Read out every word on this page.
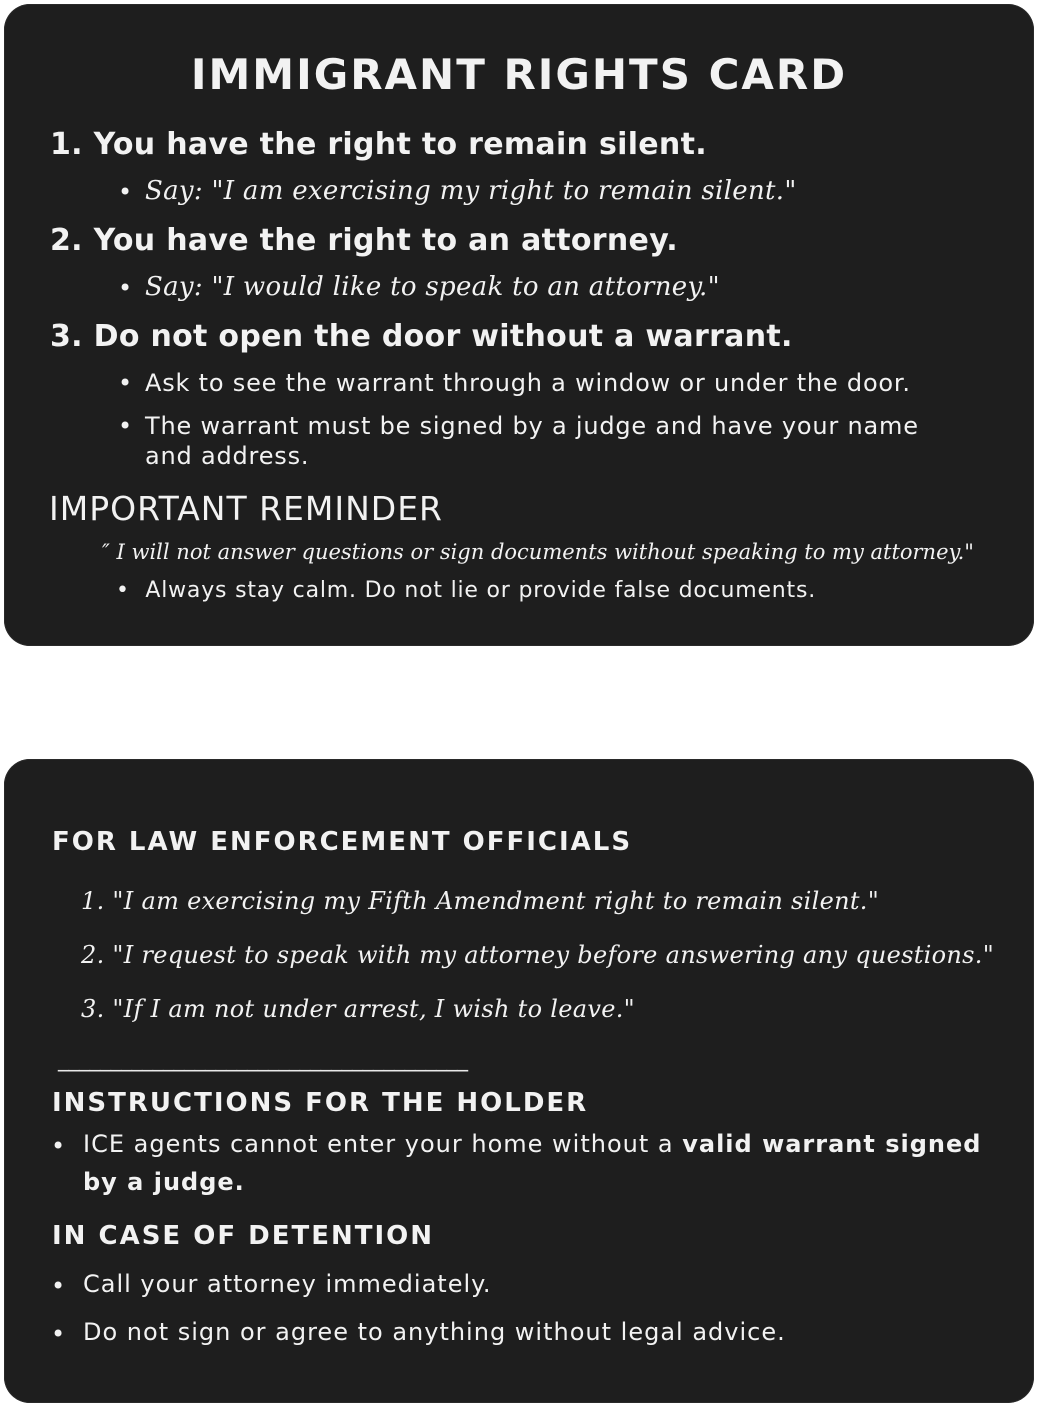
IMMIGRANT RIGHTS CARD
1. You have the right to remain silent.
• Say: "I am exercising my right to remain silent."
2. You have the right to an attorney.
• Say: "I would like to speak to an attorney."
3. Do not open the door without a warrant.
• Ask to see the warrant through a window or under the door.
• The warrant must be signed by a judge and have your name
and address.
IMPORTANT REMINDER
″ I will not answer questions or sign documents without speaking to my attorney."
• Always stay calm. Do not lie or provide false documents.
FOR LAW ENFORCEMENT OFFICIALS
1. "I am exercising my Fifth Amendment right to remain silent."
2. "I request to speak with my attorney before answering any questions."
3. "If I am not under arrest, I wish to leave."
_______________________________________
INSTRUCTIONS FOR THE HOLDER
• ICE agents cannot enter your home without a valid warrant signed
by a judge.
IN CASE OF DETENTION
• Call your attorney immediately.
• Do not sign or agree to anything without legal advice.
